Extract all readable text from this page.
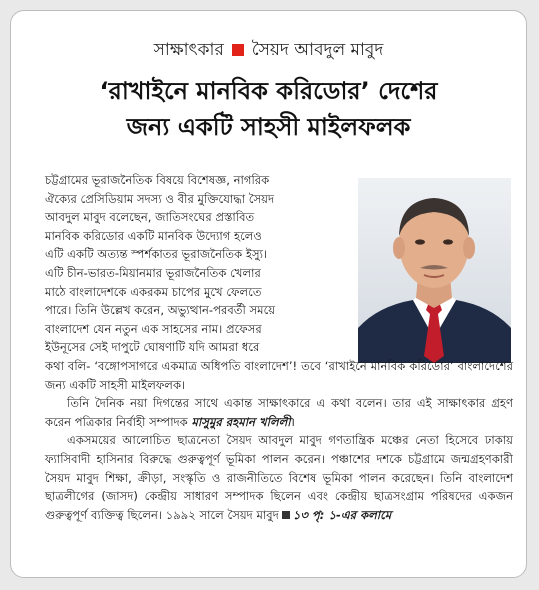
সাক্ষাৎকার সৈয়দ আবদুল মাবুদ
‘রাখাইনে মানবিক করিডোর’ দেশের
জন্য একটি সাহসী মাইলফলক
চট্টগ্রামের ভূরাজনৈতিক বিষয়ে বিশেষজ্ঞ, নাগরিক
ঐক্যের প্রেসিডিয়াম সদস্য ও বীর মুক্তিযোদ্ধা সৈয়দ
আবদুল মাবুদ বলেছেন, জাতিসংঘের প্রস্তাবিত
মানবিক করিডোর একটি মানবিক উদ্যোগ হলেও
এটি একটি অত্যন্ত স্পর্শকাতর ভূরাজনৈতিক ইস্যু।
এটি চীন-ভারত-মিয়ানমার ভূরাজনৈতিক খেলার
মাঠে বাংলাদেশকে একরকম চাপের মুখে ফেলতে
পারে। তিনি উল্লেখ করেন, অভ্যুত্থান-পরবর্তী সময়ে
বাংলাদেশ যেন নতুন এক সাহসের নাম। প্রফেসর
ইউনূসের সেই দাপুটে ঘোষণাটি যদি আমরা ধরে

কথা বলি- ‘বঙ্গোপসাগরে একমাত্র অধিপতি বাংলাদেশ’! তবে ‘রাখাইনে মানবিক করিডোর’ বাংলাদেশের জন্য একটি সাহসী মাইলফলক।

তিনি দৈনিক নয়া দিগন্তের সাথে একান্ত সাক্ষাৎকারে এ কথা বলেন। তার এই সাক্ষাৎকার গ্রহণ করেন পত্রিকার নির্বাহী সম্পাদক মাসুমুর রহমান খলিলী।

একসময়ের আলোচিত ছাত্রনেতা সৈয়দ আবদুল মাবুদ গণতান্ত্রিক মঞ্চের নেতা হিসেবে ঢাকায় ফ্যাসিবাদী হাসিনার বিরুদ্ধে গুরুত্বপূর্ণ ভূমিকা পালন করেন। পঞ্চাশের দশকে চট্টগ্রামে জন্মগ্রহণকারী সৈয়দ মাবুদ শিক্ষা, ক্রীড়া, সংস্কৃতি ও রাজনীতিতে বিশেষ ভূমিকা পালন করেছেন। তিনি বাংলাদেশ ছাত্রলীগের (জাসদ) কেন্দ্রীয় সাধারণ সম্পাদক ছিলেন এবং কেন্দ্রীয় ছাত্রসংগ্রাম পরিষদের একজন গুরুত্বপূর্ণ ব্যক্তিত্ব ছিলেন। ১৯৯২ সালে সৈয়দ মাবুদ ১৩ পৃ: ১-এর কলামে
